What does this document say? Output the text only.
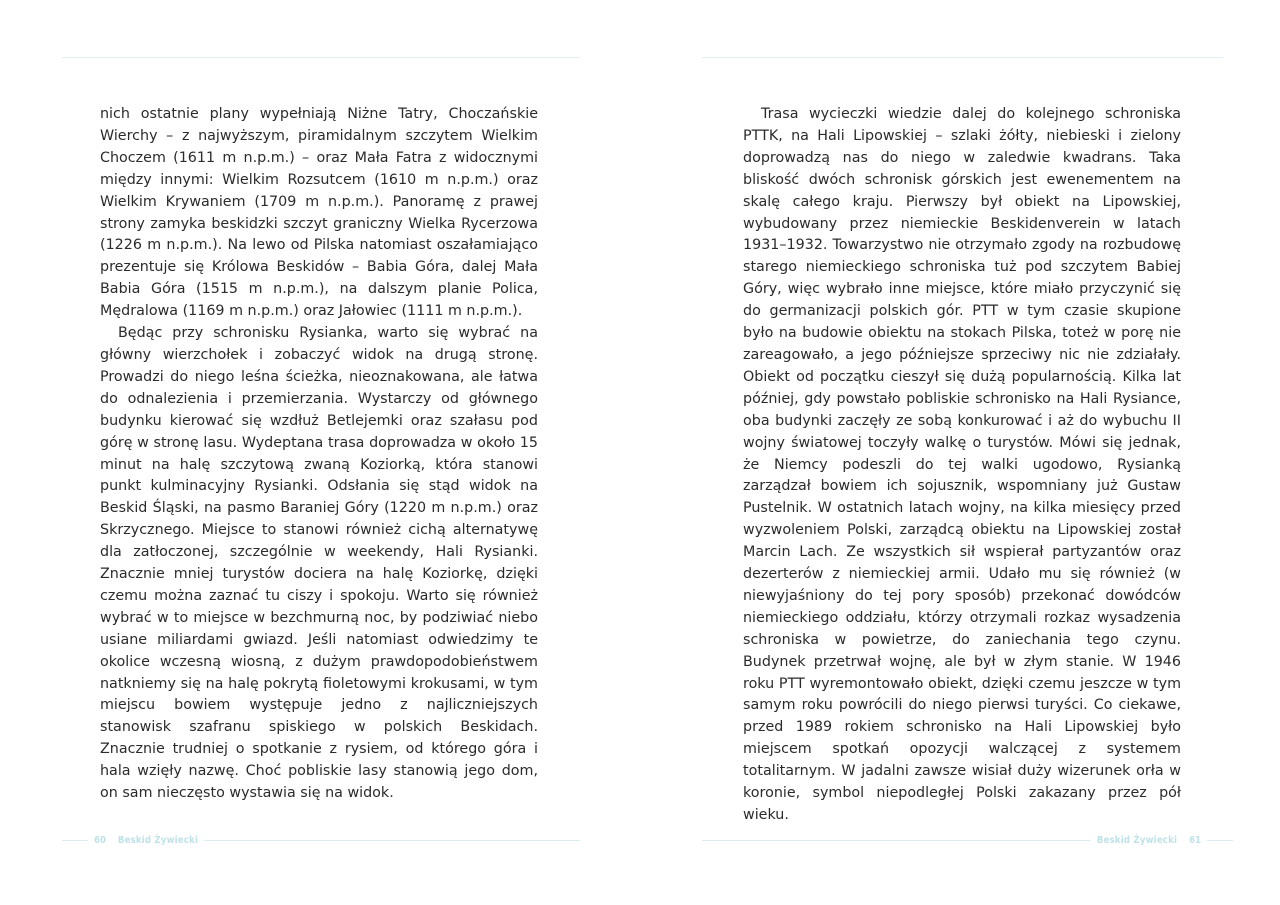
nich ostatnie plany wypełniają Niżne Tatry, Choczańskie Wierchy – z najwyższym, piramidalnym szczytem Wielkim Choczem (1611 m n.p.m.) – oraz Mała Fatra z widocznymi między innymi: Wielkim Rozsutcem (1610 m n.p.m.) oraz Wielkim Krywaniem (1709 m n.p.m.). Panoramę z prawej strony zamyka beskidzki szczyt graniczny Wielka Rycerzowa (1226 m n.p.m.). Na lewo od Pilska natomiast oszałamiająco prezentuje się Królowa Beskidów – Babia Góra, dalej Mała Babia Góra (1515 m n.p.m.), na dalszym planie Polica, Mędralowa (1169 m n.p.m.) oraz Jałowiec (1111 m n.p.m.).

Będąc przy schronisku Rysianka, warto się wybrać na główny wierzchołek i zobaczyć widok na drugą stronę. Prowadzi do niego leśna ścieżka, nieoznakowana, ale łatwa do odnalezienia i przemierzania. Wystarczy od głównego budynku kierować się wzdłuż Betlejemki oraz szałasu pod górę w stronę lasu. Wydeptana trasa doprowadza w około 15 minut na halę szczytową zwaną Koziorką, która stanowi punkt kulminacyjny Rysianki. Odsłania się stąd widok na Beskid Śląski, na pasmo Baraniej Góry (1220 m n.p.m.) oraz Skrzycznego. Miejsce to stanowi również cichą alternatywę dla zatłoczonej, szczególnie w weekendy, Hali Rysianki. Znacznie mniej turystów dociera na halę Koziorkę, dzięki czemu można zaznać tu ciszy i spokoju. Warto się również wybrać w to miejsce w bezchmurną noc, by podziwiać niebo usiane miliardami gwiazd. Jeśli natomiast odwiedzimy te okolice wczesną wiosną, z dużym prawdopodobieństwem natkniemy się na halę pokrytą fioletowymi krokusami, w tym miejscu bowiem występuje jedno z najliczniejszych stanowisk szafranu spiskiego w polskich Beskidach. Znacznie trudniej o spotkanie z rysiem, od którego góra i hala wzięły nazwę. Choć pobliskie lasy stanowią jego dom, on sam nieczęsto wystawia się na widok.

60 Beskid Żywiecki

Trasa wycieczki wiedzie dalej do kolejnego schroniska PTTK, na Hali Lipowskiej – szlaki żółty, niebieski i zielony doprowadzą nas do niego w zaledwie kwadrans. Taka bliskość dwóch schronisk górskich jest ewenementem na skalę całego kraju. Pierwszy był obiekt na Lipowskiej, wybudowany przez niemieckie Beskidenverein w latach 1931–1932. Towarzystwo nie otrzymało zgody na rozbudowę starego niemieckiego schroniska tuż pod szczytem Babiej Góry, więc wybrało inne miejsce, które miało przyczynić się do germanizacji polskich gór. PTT w tym czasie skupione było na budowie obiektu na stokach Pilska, toteż w porę nie zareagowało, a jego późniejsze sprzeciwy nic nie zdziałały. Obiekt od początku cieszył się dużą popularnością. Kilka lat później, gdy powstało pobliskie schronisko na Hali Rysiance, oba budynki zaczęły ze sobą konkurować i aż do wybuchu II wojny światowej toczyły walkę o turystów. Mówi się jednak, że Niemcy podeszli do tej walki ugodowo, Rysianką zarządzał bowiem ich sojusznik, wspomniany już Gustaw Pustelnik. W ostatnich latach wojny, na kilka miesięcy przed wyzwoleniem Polski, zarządcą obiektu na Lipowskiej został Marcin Lach. Ze wszystkich sił wspierał partyzantów oraz dezerterów z niemieckiej armii. Udało mu się również (w niewyjaśniony do tej pory sposób) przekonać dowódców niemieckiego oddziału, którzy otrzymali rozkaz wysadzenia schroniska w powietrze, do zaniechania tego czynu. Budynek przetrwał wojnę, ale był w złym stanie. W 1946 roku PTT wyremontowało obiekt, dzięki czemu jeszcze w tym samym roku powrócili do niego pierwsi turyści. Co ciekawe, przed 1989 rokiem schronisko na Hali Lipowskiej było miejscem spotkań opozycji walczącej z systemem totalitarnym. W jadalni zawsze wisiał duży wizerunek orła w koronie, symbol niepodległej Polski zakazany przez pół wieku.

Beskid Żywiecki 61
